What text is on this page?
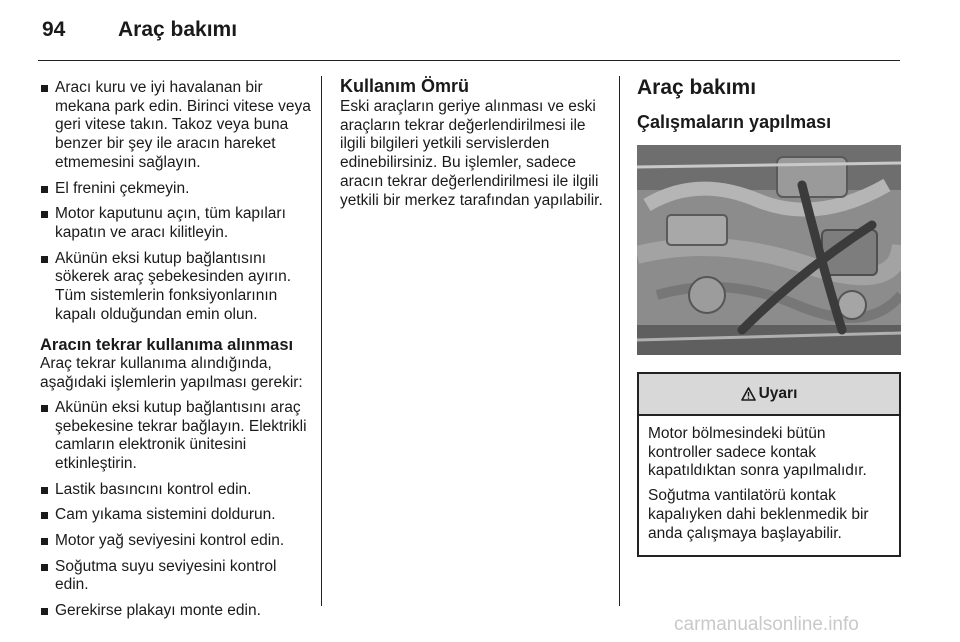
94	Araç bakımı
Aracı kuru ve iyi havalanan bir mekana park edin. Birinci vitese veya geri vitese takın. Takoz veya buna benzer bir şey ile aracın hareket etmemesini sağlayın.
El frenini çekmeyin.
Motor kaputunu açın, tüm kapıları kapatın ve aracı kilitleyin.
Akünün eksi kutup bağlantısını sökerek araç şebekesinden ayırın. Tüm sistemlerin fonksiyonlarının kapalı olduğundan emin olun.
Aracın tekrar kullanıma alınması
Araç tekrar kullanıma alındığında, aşağıdaki işlemlerin yapılması gerekir:
Akünün eksi kutup bağlantısını araç şebekesine tekrar bağlayın. Elektrikli camların elektronik ünitesini etkinleştirin.
Lastik basıncını kontrol edin.
Cam yıkama sistemini doldurun.
Motor yağ seviyesini kontrol edin.
Soğutma suyu seviyesini kontrol edin.
Gerekirse plakayı monte edin.
Kullanım Ömrü
Eski araçların geriye alınması ve eski araçların tekrar değerlendirilmesi ile ilgili bilgileri yetkili servislerden edinebilirsiniz. Bu işlemler, sadece aracın tekrar değerlendirilmesi ile ilgili yetkili bir merkez tarafından yapılabilir.
Araç bakımı
Çalışmaların yapılması
Uyarı

Motor bölmesindeki bütün kontroller sadece kontak kapatıldıktan sonra yapılmalıdır.

Soğutma vantilatörü kontak kapalıyken dahi beklenmedik bir anda çalışmaya başlayabilir.

carmanualsonline.info
